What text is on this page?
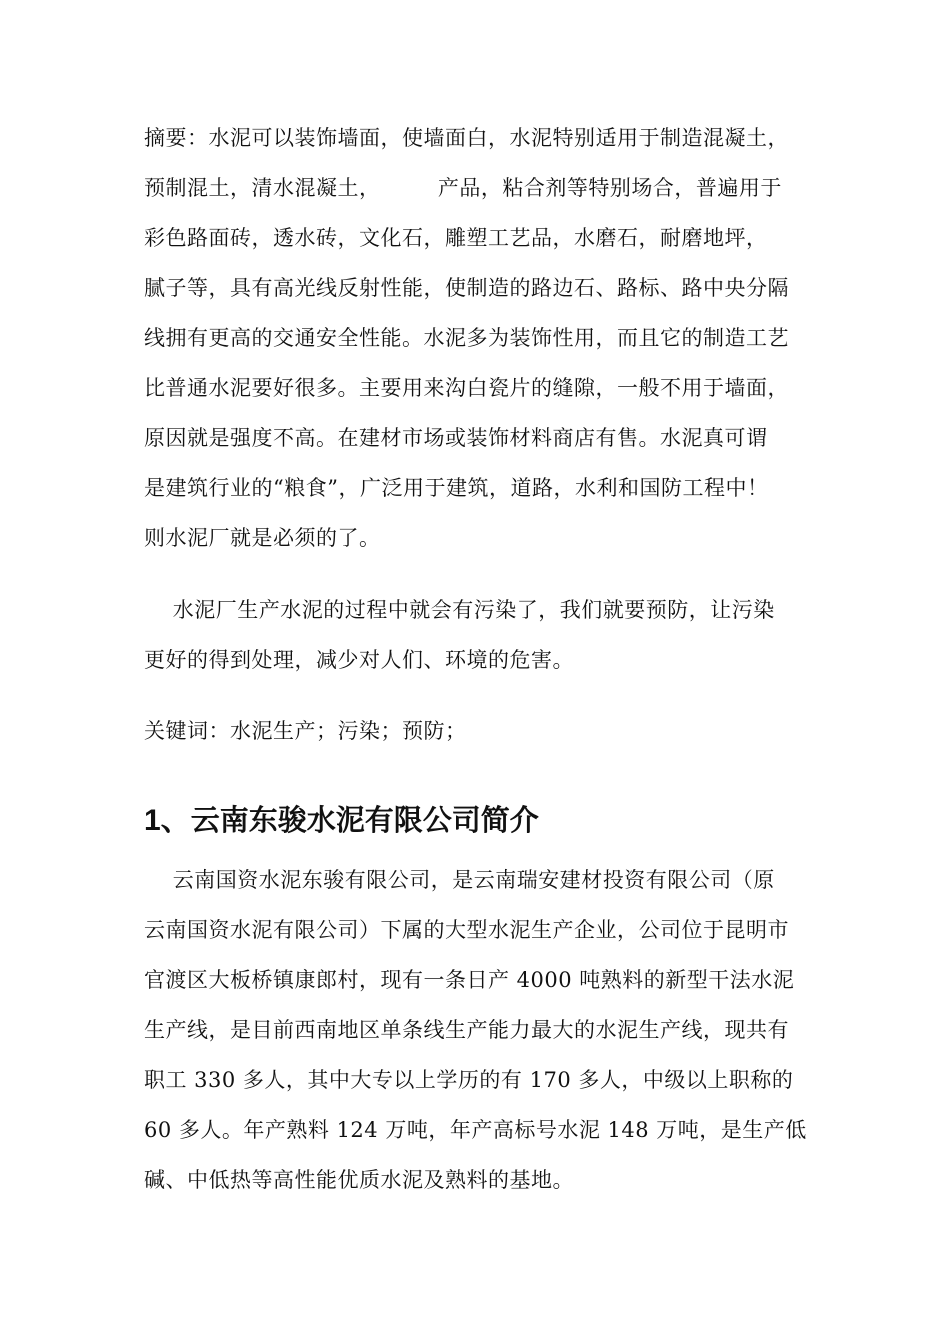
摘要：水泥可以装饰墙面，使墙面白，水泥特别适用于制造混凝土，

预制混土，清水混凝土，        产品，粘合剂等特别场合，普遍用于

彩色路面砖，透水砖，文化石，雕塑工艺品，水磨石，耐磨地坪，

腻子等，具有高光线反射性能，使制造的路边石、路标、路中央分隔

线拥有更高的交通安全性能。水泥多为装饰性用，而且它的制造工艺

比普通水泥要好很多。主要用来沟白瓷片的缝隙，一般不用于墙面，

原因就是强度不高。在建材市场或装饰材料商店有售。水泥真可谓

是建筑行业的“粮食”，广泛用于建筑，道路，水利和国防工程中！

则水泥厂就是必须的了。

水泥厂生产水泥的过程中就会有污染了，我们就要预防，让污染

更好的得到处理，减少对人们、环境的危害。

关键词：水泥生产；污染；预防；

1、云南东骏水泥有限公司简介

云南国资水泥东骏有限公司，是云南瑞安建材投资有限公司（原

云南国资水泥有限公司）下属的大型水泥生产企业，公司位于昆明市

官渡区大板桥镇康郎村，现有一条日产 4000 吨熟料的新型干法水泥

生产线，是目前西南地区单条线生产能力最大的水泥生产线，现共有

职工 330 多人，其中大专以上学历的有 170 多人，中级以上职称的

60 多人。年产熟料 124 万吨，年产高标号水泥 148 万吨，是生产低

碱、中低热等高性能优质水泥及熟料的基地。
